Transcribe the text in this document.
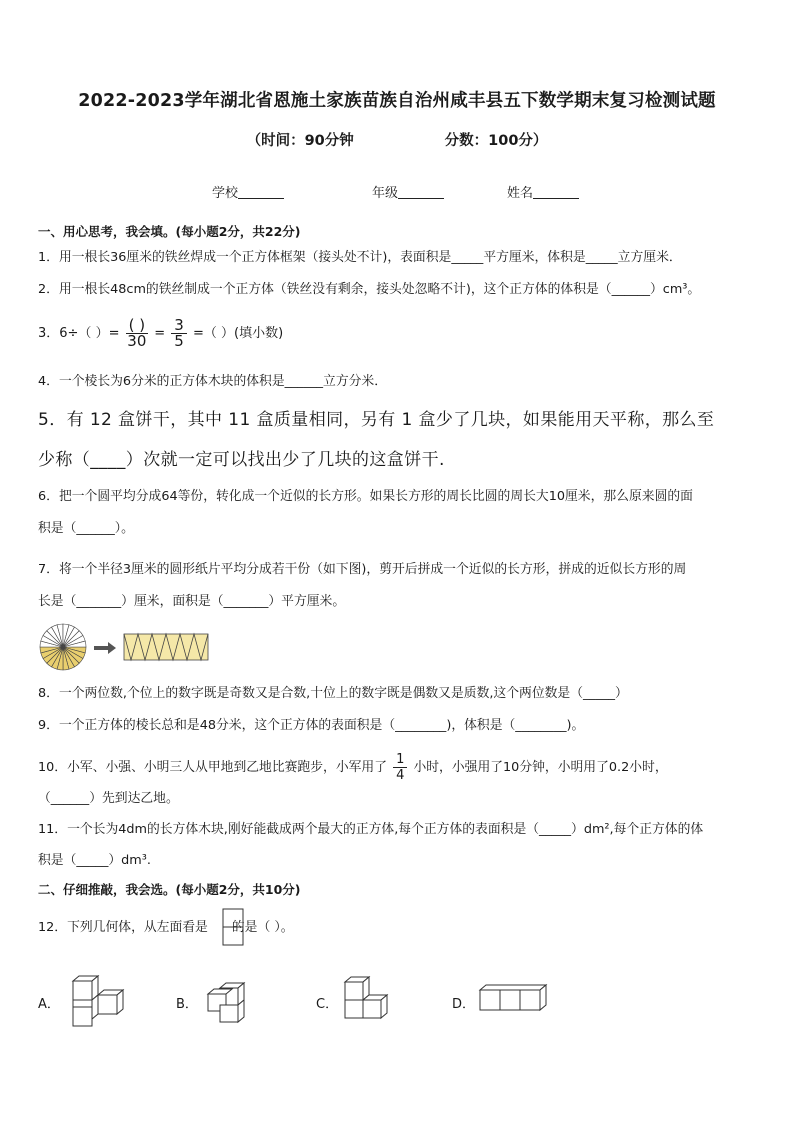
2022-2023学年湖北省恩施土家族苗族自治州咸丰县五下数学期末复习检测试题
（时间：90分钟                  分数：100分）
学校	年级	姓名
一、用心思考，我会填。(每小题2分，共22分)
1．用一根长36厘米的铁丝焊成一个正方体框架（接头处不计)，表面积是_____平方厘米，体积是_____立方厘米．
2．用一根长48cm的铁丝制成一个正方体（铁丝没有剩余，接头处忽略不计)，这个正方体的体积是（______）cm³。
3．6÷（ ）= $\frac{( )}{30} = \frac{3}{5}$ =（ ）(填小数)
4．一个棱长为6分米的正方体木块的体积是______立方分米．
5．有 12 盒饼干，其中 11 盒质量相同，另有 1 盒少了几块，如果能用天平称，那么至
少称（____）次就一定可以找出少了几块的这盒饼干.
6．把一个圆平均分成64等份，转化成一个近似的长方形。如果长方形的周长比圆的周长大10厘米，那么原来圆的面
积是（______）。
7．将一个半径3厘米的圆形纸片平均分成若干份（如下图)，剪开后拼成一个近似的长方形，拼成的近似长方形的周
长是（_______）厘米，面积是（_______）平方厘米。
8．一个两位数,个位上的数字既是奇数又是合数,十位上的数字既是偶数又是质数,这个两位数是（_____）
9．一个正方体的棱长总和是48分米，这个正方体的表面积是（________)，体积是（________)。
10．小军、小强、小明三人从甲地到乙地比赛跑步，小军用了 $\frac{1}{4}$ 小时，小强用了10分钟，小明用了0.2小时，
（______）先到达乙地。
11．一个长为4dm的长方体木块,刚好能截成两个最大的正方体,每个正方体的表面积是（_____）dm²,每个正方体的体
积是（_____）dm³.
二、仔细推敲，我会选。(每小题2分，共10分)
12．下列几何体，从左面看是 的是（ ）。
A．	B．	C．	D．
